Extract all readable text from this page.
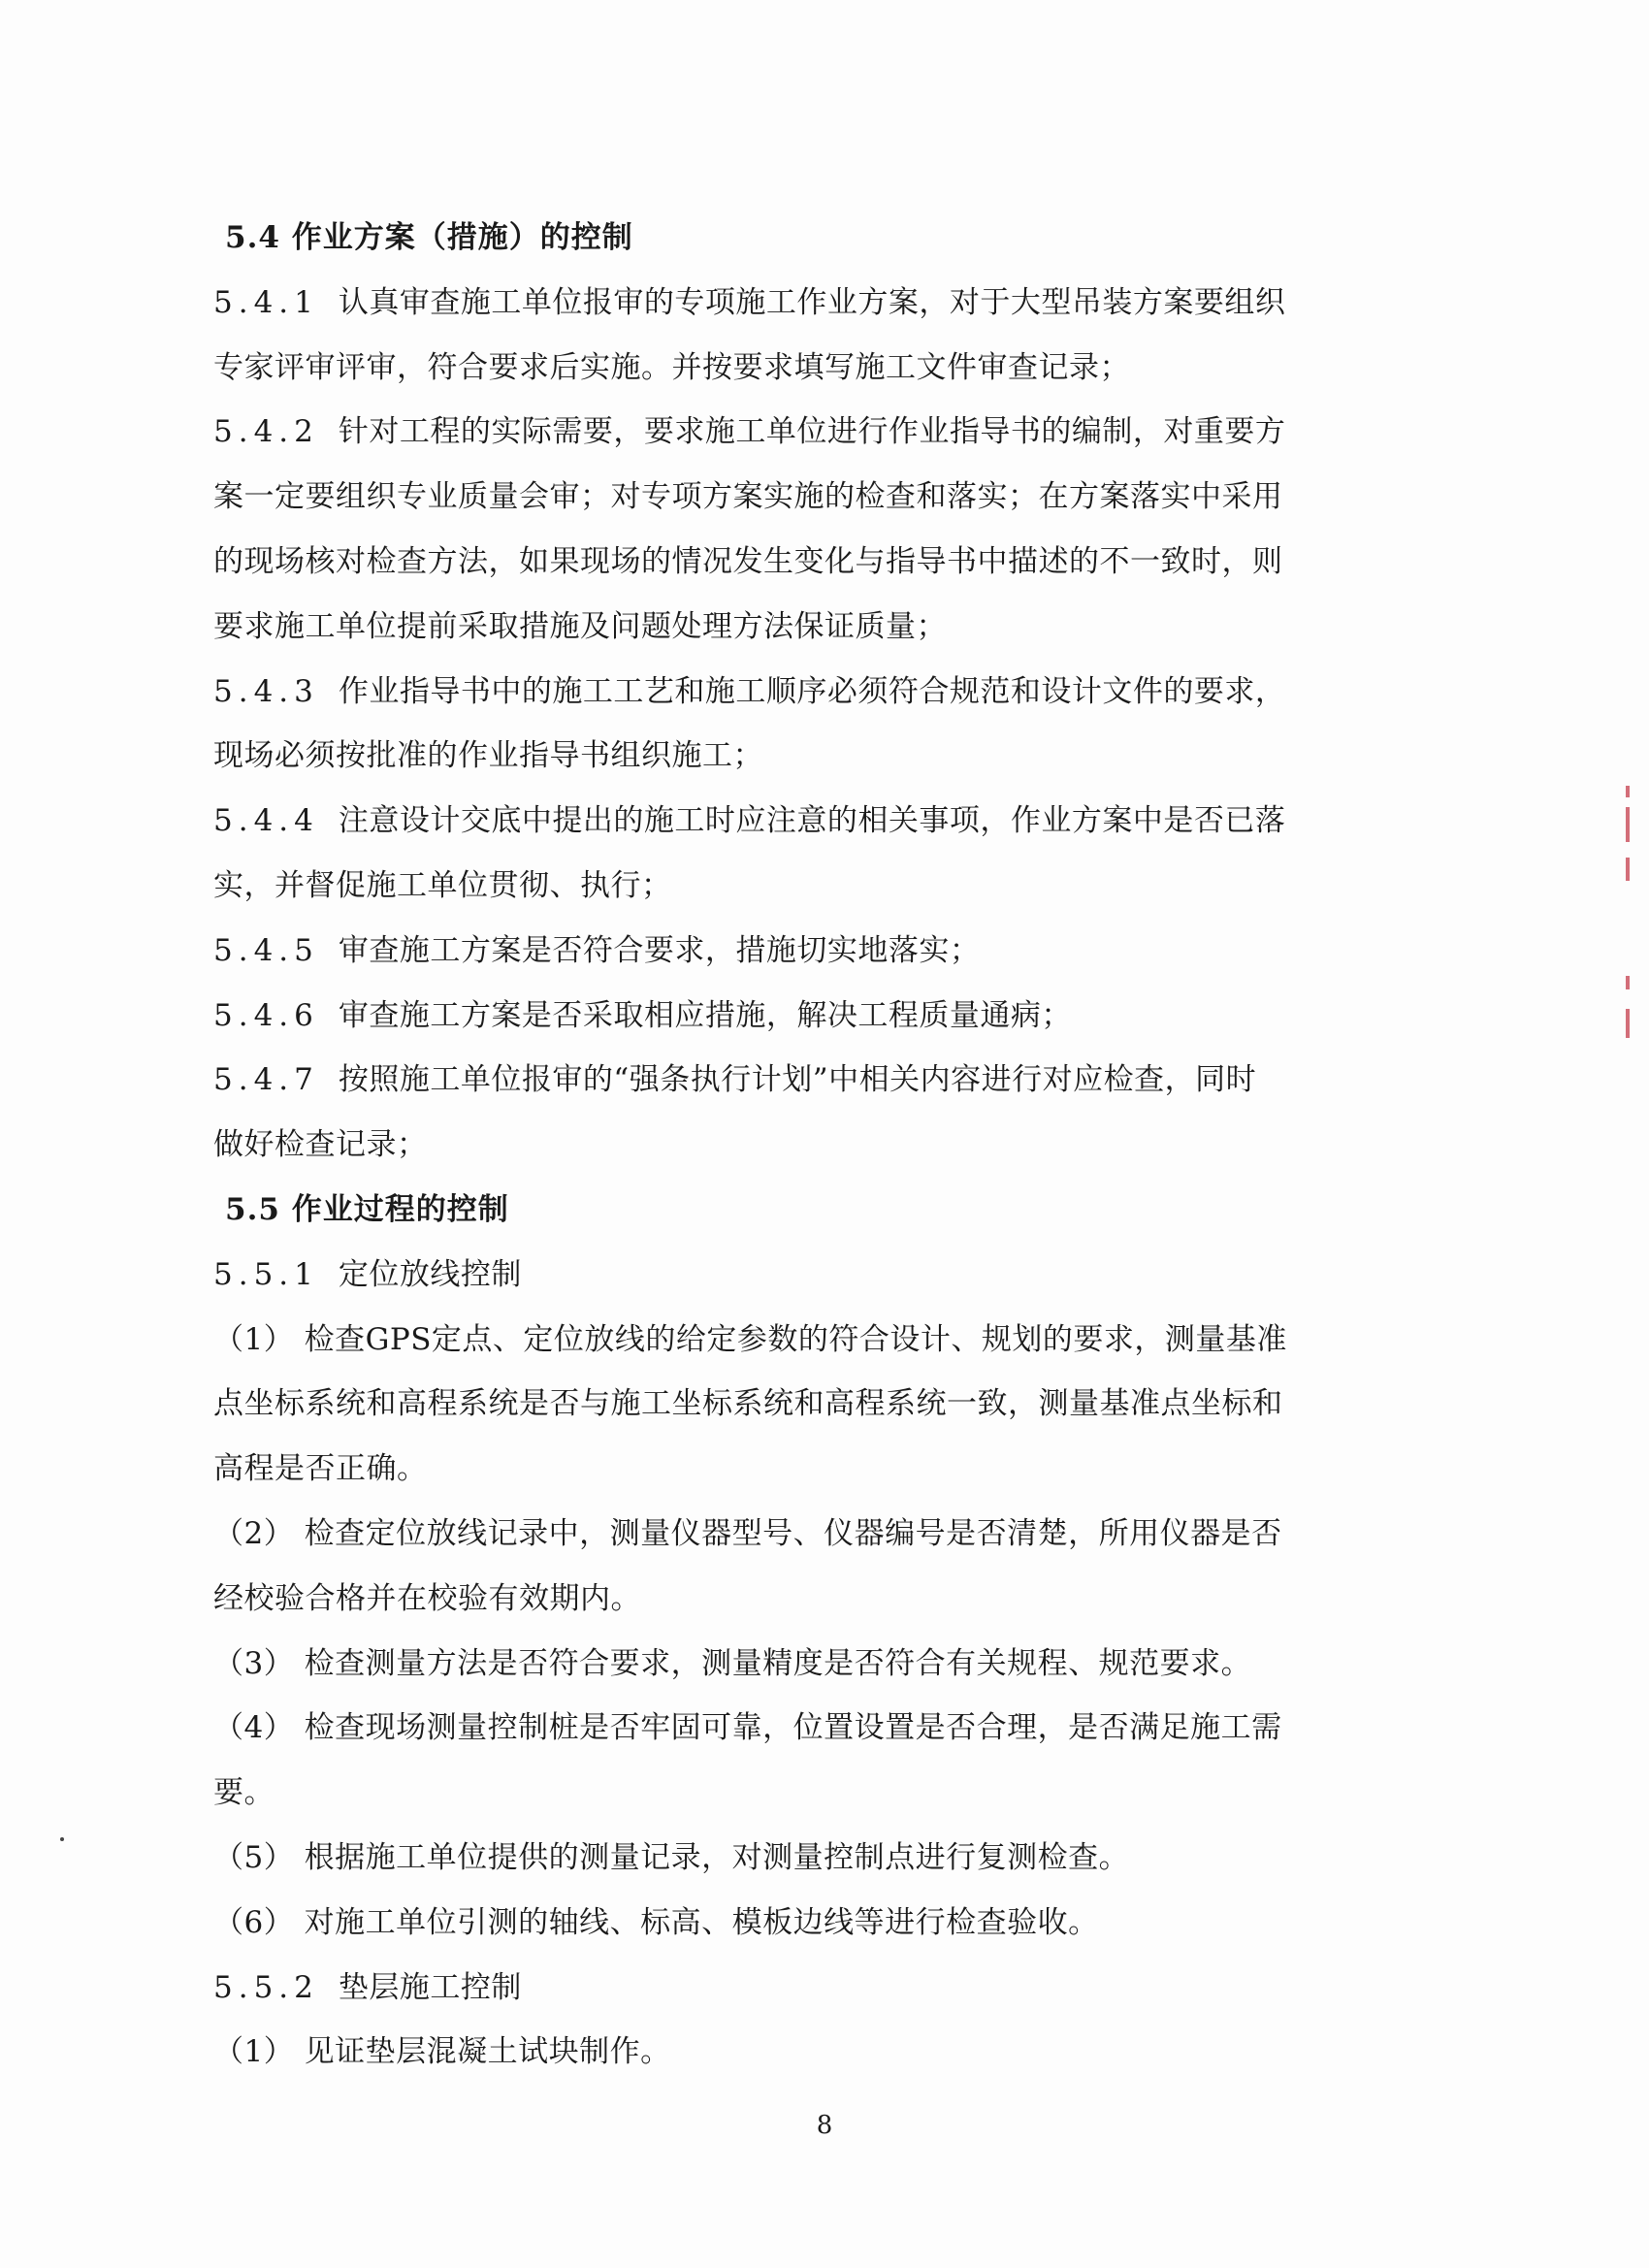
5.4 作业方案（措施）的控制
5.4.1 认真审查施工单位报审的专项施工作业方案，对于大型吊装方案要组织
专家评审评审，符合要求后实施。并按要求填写施工文件审查记录；
5.4.2 针对工程的实际需要，要求施工单位进行作业指导书的编制，对重要方
案一定要组织专业质量会审；对专项方案实施的检查和落实；在方案落实中采用
的现场核对检查方法，如果现场的情况发生变化与指导书中描述的不一致时，则
要求施工单位提前采取措施及问题处理方法保证质量；
5.4.3 作业指导书中的施工工艺和施工顺序必须符合规范和设计文件的要求，
现场必须按批准的作业指导书组织施工；
5.4.4 注意设计交底中提出的施工时应注意的相关事项，作业方案中是否已落
实，并督促施工单位贯彻、执行；
5.4.5 审查施工方案是否符合要求，措施切实地落实；
5.4.6 审查施工方案是否采取相应措施，解决工程质量通病；
5.4.7 按照施工单位报审的“强条执行计划”中相关内容进行对应检查，同时
做好检查记录；
5.5 作业过程的控制
5.5.1 定位放线控制
（1） 检查GPS定点、定位放线的给定参数的符合设计、规划的要求，测量基准
点坐标系统和高程系统是否与施工坐标系统和高程系统一致，测量基准点坐标和
高程是否正确。
（2） 检查定位放线记录中，测量仪器型号、仪器编号是否清楚，所用仪器是否
经校验合格并在校验有效期内。
（3） 检查测量方法是否符合要求，测量精度是否符合有关规程、规范要求。
（4） 检查现场测量控制桩是否牢固可靠，位置设置是否合理，是否满足施工需
要。
（5） 根据施工单位提供的测量记录，对测量控制点进行复测检查。
（6） 对施工单位引测的轴线、标高、模板边线等进行检查验收。
5.5.2 垫层施工控制
（1） 见证垫层混凝土试块制作。
8
